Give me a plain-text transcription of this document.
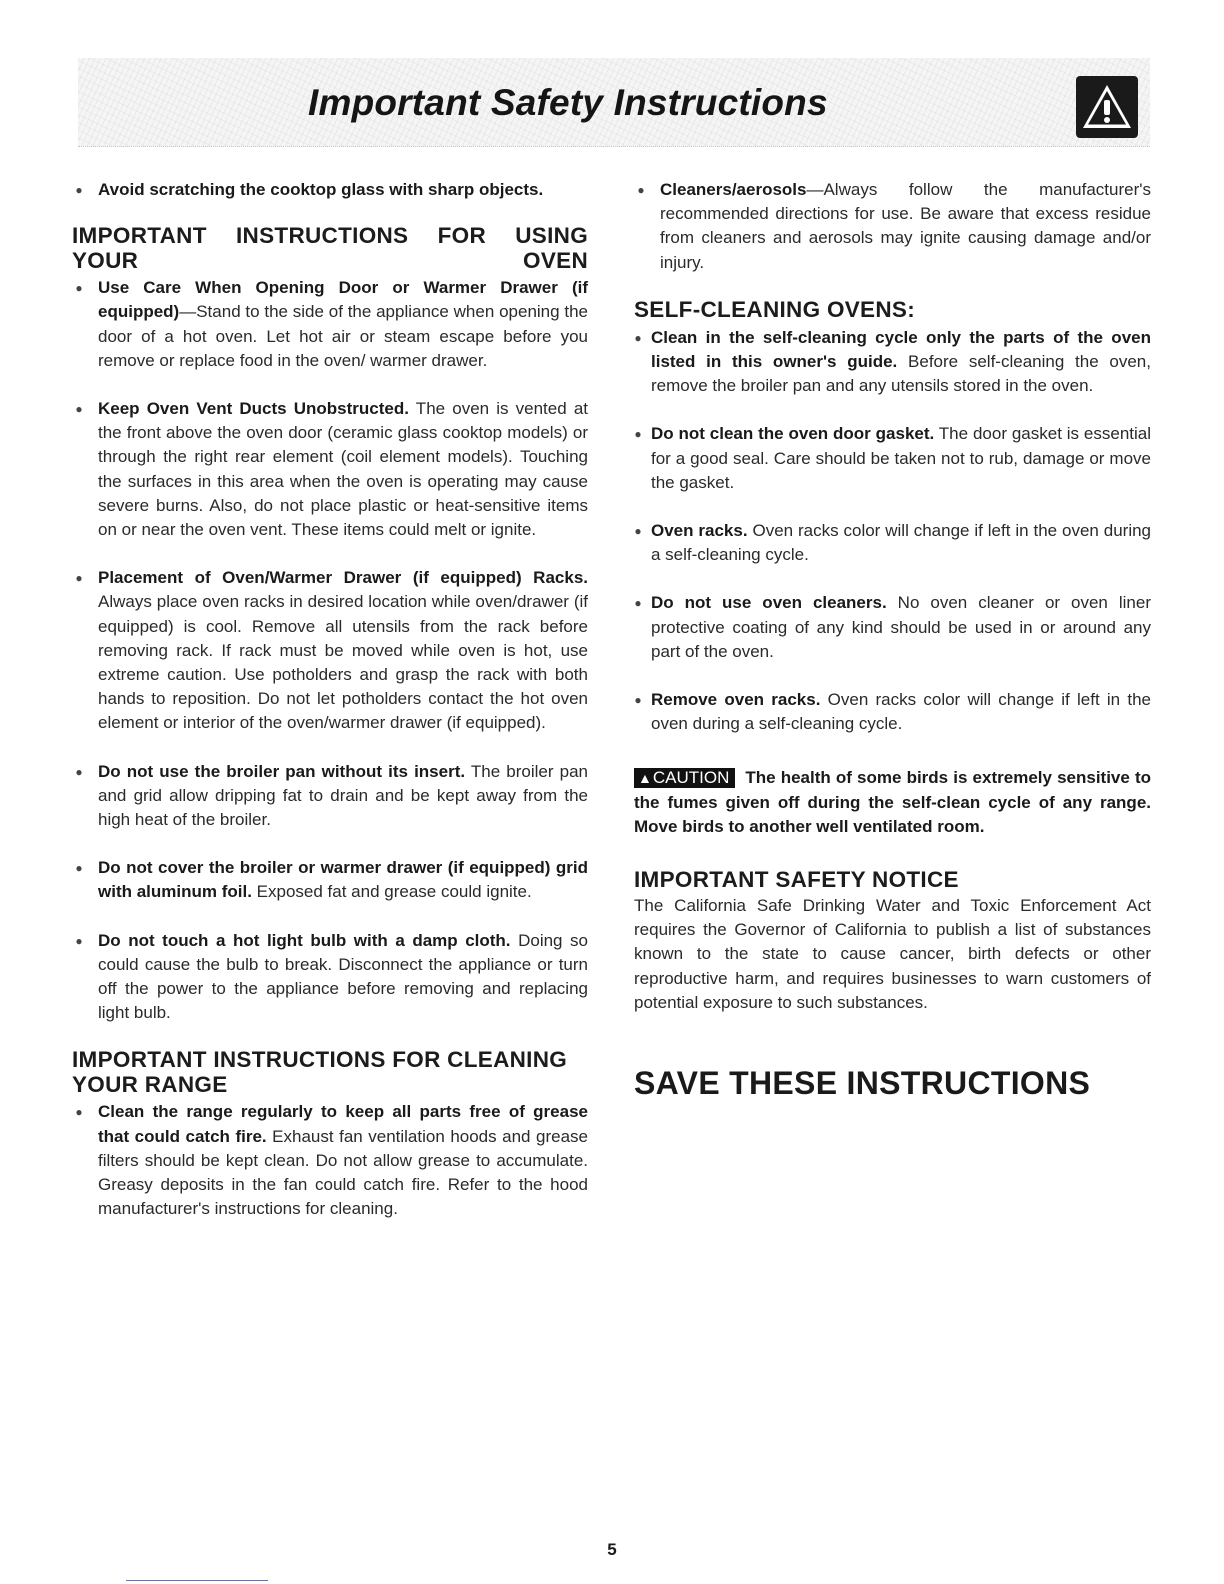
Important Safety Instructions
● Avoid scratching the cooktop glass with sharp objects.
IMPORTANT INSTRUCTIONS FOR USING YOUR OVEN
● Use Care When Opening Door or Warmer Drawer (if equipped)—Stand to the side of the appliance when opening the door of a hot oven. Let hot air or steam escape before you remove or replace food in the oven/ warmer drawer.
● Keep Oven Vent Ducts Unobstructed. The oven is vented at the front above the oven door (ceramic glass cooktop models) or through the right rear element (coil element models). Touching the surfaces in this area when the oven is operating may cause severe burns. Also, do not place plastic or heat-sensitive items on or near the oven vent. These items could melt or ignite.
● Placement of Oven/Warmer Drawer (if equipped) Racks. Always place oven racks in desired location while oven/drawer (if equipped) is cool. Remove all utensils from the rack before removing rack. If rack must be moved while oven is hot, use extreme caution. Use potholders and grasp the rack with both hands to reposition. Do not let potholders contact the hot oven element or interior of the oven/warmer drawer (if equipped).
● Do not use the broiler pan without its insert. The broiler pan and grid allow dripping fat to drain and be kept away from the high heat of the broiler.
● Do not cover the broiler or warmer drawer (if equipped) grid with aluminum foil. Exposed fat and grease could ignite.
● Do not touch a hot light bulb with a damp cloth. Doing so could cause the bulb to break. Disconnect the appliance or turn off the power to the appliance before removing and replacing light bulb.
IMPORTANT INSTRUCTIONS FOR CLEANING YOUR RANGE
● Clean the range regularly to keep all parts free of grease that could catch fire. Exhaust fan ventilation hoods and grease filters should be kept clean. Do not allow grease to accumulate. Greasy deposits in the fan could catch fire. Refer to the hood manufacturer's instructions for cleaning.
● Cleaners/aerosols—Always follow the manufacturer's recommended directions for use. Be aware that excess residue from cleaners and aerosols may ignite causing damage and/or injury.
SELF-CLEANING OVENS:
● Clean in the self-cleaning cycle only the parts of the oven listed in this owner's guide. Before self-cleaning the oven, remove the broiler pan and any utensils stored in the oven.
● Do not clean the oven door gasket. The door gasket is essential for a good seal. Care should be taken not to rub, damage or move the gasket.
● Oven racks. Oven racks color will change if left in the oven during a self-cleaning cycle.
● Do not use oven cleaners. No oven cleaner or oven liner protective coating of any kind should be used in or around any part of the oven.
● Remove oven racks. Oven racks color will change if left in the oven during a self-cleaning cycle.

▲CAUTION The health of some birds is extremely sensitive to the fumes given off during the self-clean cycle of any range. Move birds to another well ventilated room.

IMPORTANT SAFETY NOTICE

The California Safe Drinking Water and Toxic Enforcement Act requires the Governor of California to publish a list of substances known to the state to cause cancer, birth defects or other reproductive harm, and requires businesses to warn customers of potential exposure to such substances.

SAVE THESE INSTRUCTIONS
5
